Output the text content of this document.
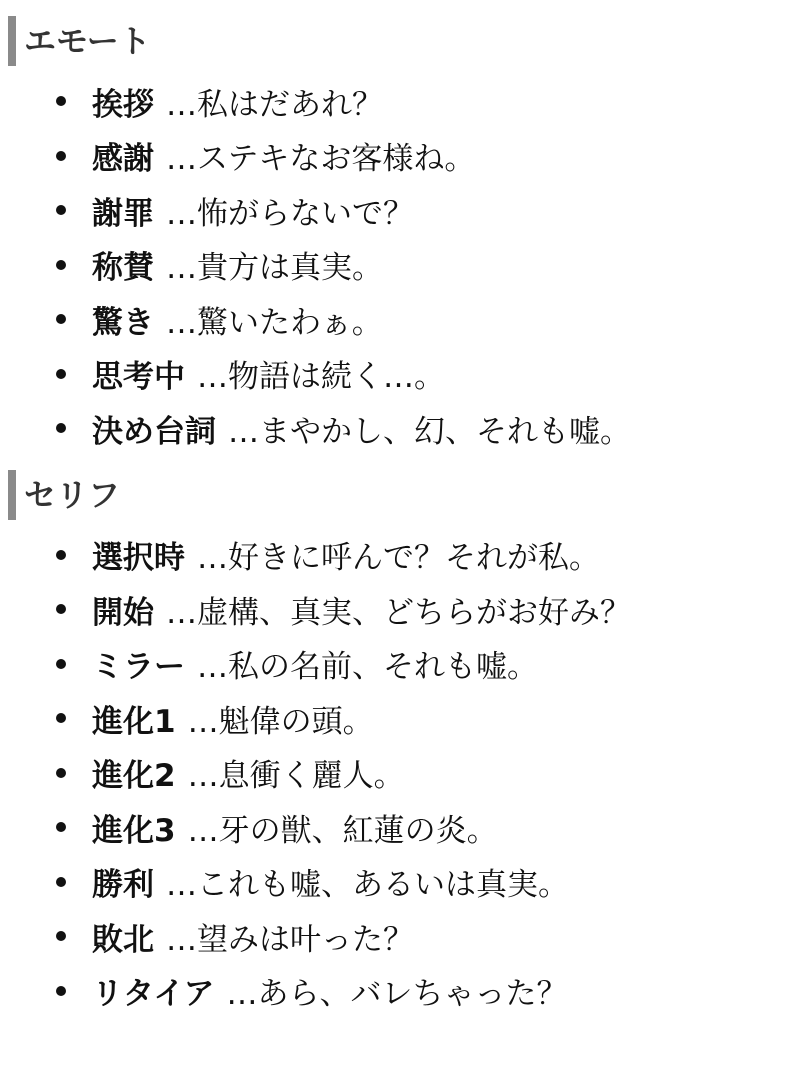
エモート
挨拶 …私はだあれ？
感謝 …ステキなお客様ね。
謝罪 …怖がらないで？
称賛 …貴方は真実。
驚き …驚いたわぁ。
思考中 …物語は続く…。
決め台詞 …まやかし、幻、それも嘘。
セリフ
選択時 …好きに呼んで？それが私。
開始 …虚構、真実、どちらがお好み？
ミラー …私の名前、それも嘘。
進化1 …魁偉の頭。
進化2 …息衝く麗人。
進化3 …牙の獣、紅蓮の炎。
勝利 …これも嘘、あるいは真実。
敗北 …望みは叶った？
リタイア …あら、バレちゃった？
